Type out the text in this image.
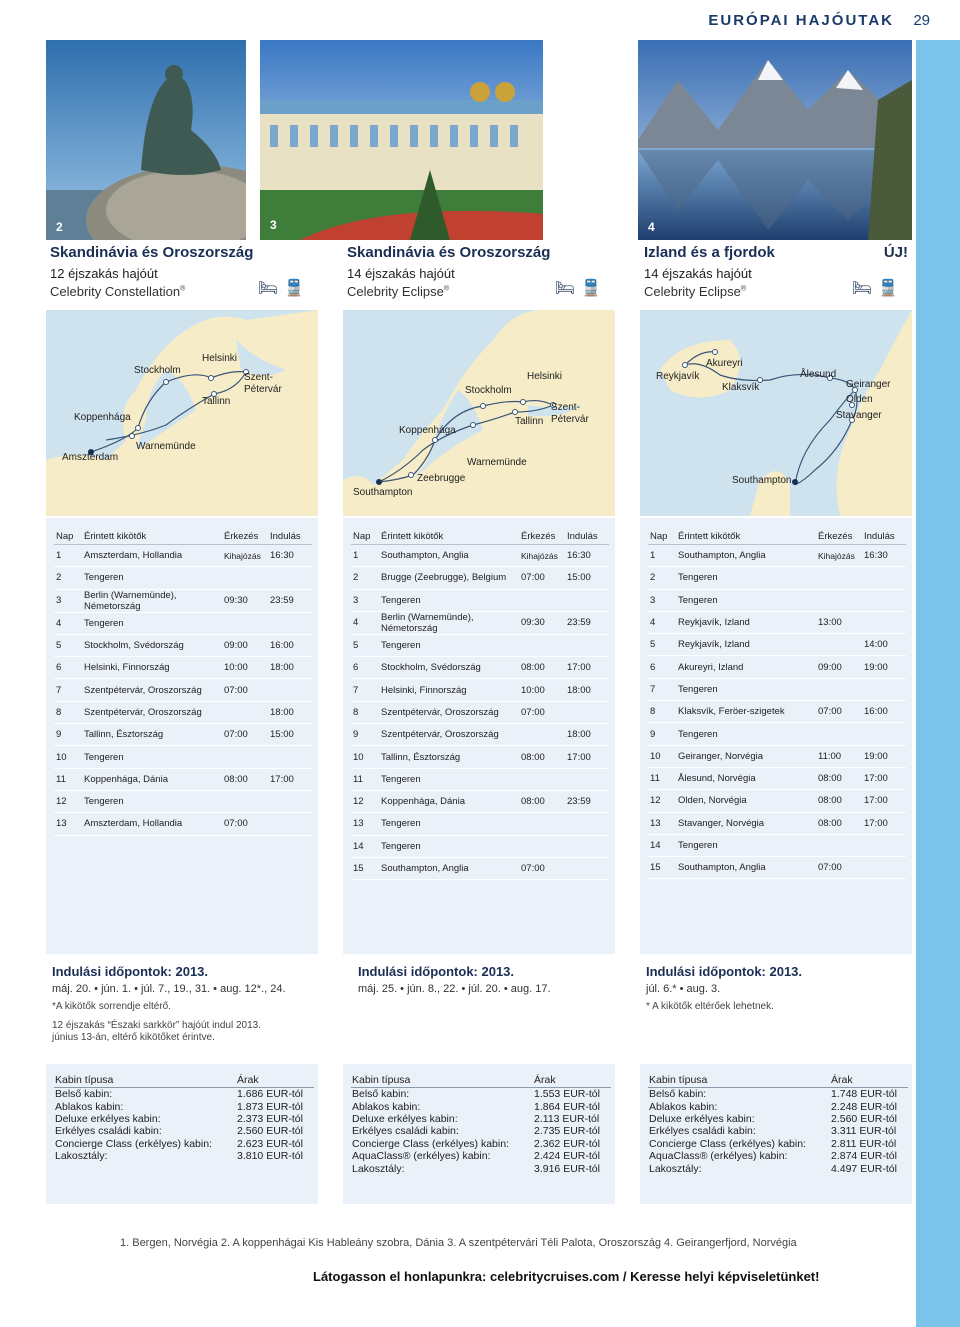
EURÓPAI HAJÓUTAK 29
2
Skandinávia és Oroszország
12 éjszakás hajóút
Celebrity Constellation®	🛏🚆
Stockholm
Helsinki
Szent-
Pétervár
Tallinn
Koppenhága
Warnemünde
Amszterdam
Nap	Érintett kikötők	Érkezés	Indulás
1	Amszterdam, Hollandia	Kihajózás	16:30
2	Tengeren		
3	Berlin (Warnemünde), Németország	09:30	23:59
4	Tengeren		
5	Stockholm, Svédország	09:00	16:00
6	Helsinki, Finnország	10:00	18:00
7	Szentpétervár, Oroszország	07:00	
8	Szentpétervár, Oroszország		18:00
9	Tallinn, Észtország	07:00	15:00
10	Tengeren		
11	Koppenhága, Dánia	08:00	17:00
12	Tengeren		
13	Amszterdam, Hollandia	07:00	
Skandinávia és Oroszország
14 éjszakás hajóút
Celebrity Eclipse®	🛏🚆
Stockholm
Helsinki
Szent-
Pétervár
Tallinn
Koppenhága
Warnemünde
Zeebrugge
Southampton
Nap	Érintett kikötők	Érkezés	Indulás
1	Southampton, Anglia	Kihajózás	16:30
2	Brugge (Zeebrugge), Belgium	07:00	15:00
3	Tengeren		
4	Berlin (Warnemünde), Németország	09:30	23:59
5	Tengeren		
6	Stockholm, Svédország	08:00	17:00
7	Helsinki, Finnország	10:00	18:00
8	Szentpétervár, Oroszország	07:00	
9	Szentpétervár, Oroszország		18:00
10	Tallinn, Észtország	08:00	17:00
11	Tengeren		
12	Koppenhága, Dánia	08:00	23:59
13	Tengeren		
14	Tengeren		
15	Southampton, Anglia	07:00	
4
Izland és a fjordok	ÚJ!
14 éjszakás hajóút
Celebrity Eclipse®	🛏🚆
Reykjavík
Akureyri
Klaksvík
Ålesund
Geiranger
Olden
Stavanger
Southampton
Nap	Érintett kikötők	Érkezés	Indulás
1	Southampton, Anglia	Kihajózás	16:30
2	Tengeren		
3	Tengeren		
4	Reykjavík, Izland	13:00	
5	Reykjavík, Izland		14:00
6	Akureyri, Izland	09:00	19:00
7	Tengeren		
8	Klaksvík, Feröer-szigetek	07:00	16:00
9	Tengeren		
10	Geiranger, Norvégia	11:00	19:00
11	Ålesund, Norvégia	08:00	17:00
12	Olden, Norvégia	08:00	17:00
13	Stavanger, Norvégia	08:00	17:00
14	Tengeren		
15	Southampton, Anglia	07:00	
Indulási időpontok: 2013.
máj. 20. • jún. 1. • júl. 7., 19., 31. • aug. 12*., 24.
*A kikötők sorrendje eltérő.
12 éjszakás “Északi sarkkör” hajóút indul 2013.
június 13-án, eltérő kikötőket érintve.
Indulási időpontok: 2013.
máj. 25. • jún. 8., 22. • júl. 20. • aug. 17.
Indulási időpontok: 2013.
júl. 6.* • aug. 3.
* A kikötők eltérőek lehetnek.
Kabin típusa	Árak
Belső kabin:	1.686 EUR-tól
Ablakos kabin:	1.873 EUR-tól
Deluxe erkélyes kabin:	2.373 EUR-tól
Erkélyes családi kabin:	2.560 EUR-tól
Concierge Class (erkélyes) kabin:	2.623 EUR-tól
Lakosztály:	3.810 EUR-tól
Kabin típusa	Árak
Belső kabin:	1.553 EUR-tól
Ablakos kabin:	1.864 EUR-tól
Deluxe erkélyes kabin:	2.113 EUR-tól
Erkélyes családi kabin:	2.735 EUR-tól
Concierge Class (erkélyes) kabin:	2.362 EUR-tól
AquaClass® (erkélyes) kabin:	2.424 EUR-tól
Lakosztály:	3.916 EUR-tól
Kabin típusa	Árak
Belső kabin:	1.748 EUR-tól
Ablakos kabin:	2.248 EUR-tól
Deluxe erkélyes kabin:	2.560 EUR-tól
Erkélyes családi kabin:	3.311 EUR-tól
Concierge Class (erkélyes) kabin:	2.811 EUR-tól
AquaClass® (erkélyes) kabin:	2.874 EUR-tól
Lakosztály:	4.497 EUR-tól
1. Bergen, Norvégia 2. A koppenhágai Kis Hableány szobra, Dánia 3. A szentpétervári Téli Palota, Oroszország 4. Geirangerfjord, Norvégia
Látogasson el honlapunkra: celebritycruises.com / Keresse helyi képviseletünket!
